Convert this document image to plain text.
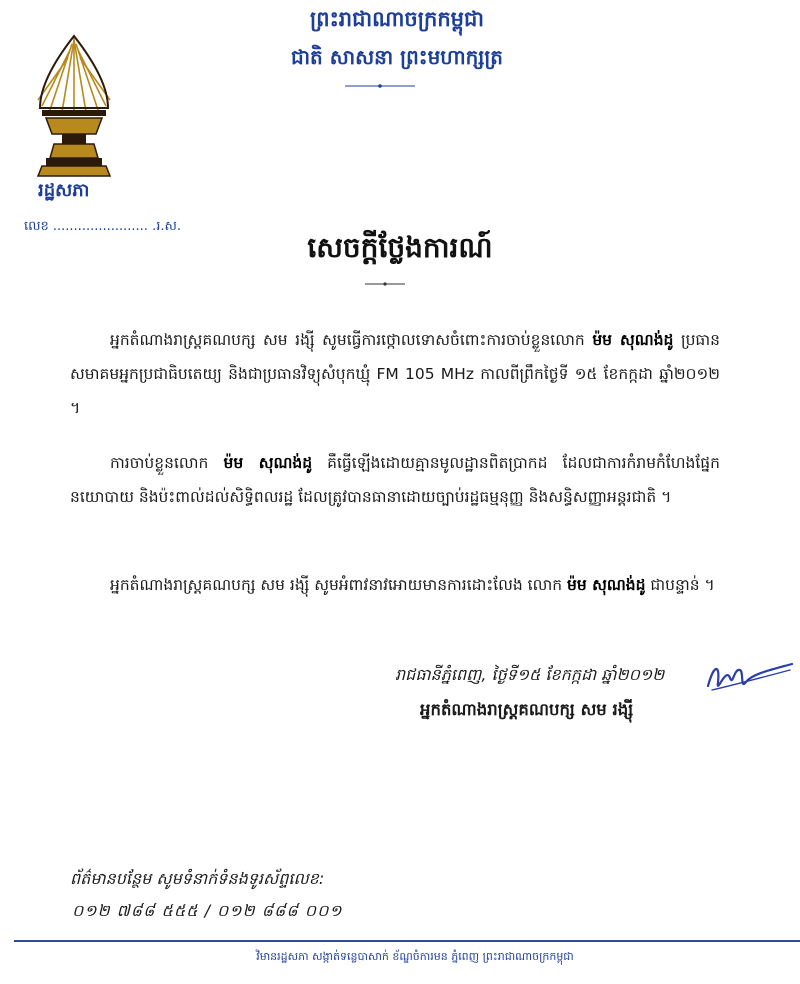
ព្រះរាជាណាចក្រកម្ពុជា
ជាតិ សាសនា ព្រះមហាក្សត្រ
រដ្ឋសភា
លេខ ....................... .រ.ស.
សេចក្តីថ្លែងការណ៍
អ្នកតំណាងរាស្ត្រគណបក្ស សម រង្ស៊ី សូមធ្វើការថ្កោលទោសចំពោះការចាប់ខ្លួនលោក ម៉ម សុណង់ដូ ប្រធានសមាគមអ្នកប្រជាធិបតេយ្យ និងជាប្រធានវិទ្យុសំបុកឃ្មុំ FM 105 MHz កាលពីព្រឹកថ្ងៃទី ១៥ ខែកក្កដា ឆ្នាំ២០១២ ។
ការចាប់ខ្លួនលោក ម៉ម សុណង់ដូ គឺធ្វើឡើងដោយគ្មានមូលដ្ឋានពិតប្រាកដ ដែលជាការកំរាមកំហែងផ្នែកនយោបាយ និងប៉ះពាល់ដល់សិទ្ធិពលរដ្ឋ ដែលត្រូវបានធានាដោយច្បាប់រដ្ឋធម្មនុញ្ញ និងសន្ធិសញ្ញាអន្តរជាតិ ។
អ្នកតំណាងរាស្ត្រគណបក្ស សម រង្ស៊ី សូមអំពាវនាវអោយមានការដោះលែង លោក ម៉ម សុណង់ដូ ជាបន្ទាន់ ។
រាជធានីភ្នំពេញ, ថ្ងៃទី១៥ ខែកក្កដា ឆ្នាំ២០១២
អ្នកតំណាងរាស្ត្រគណបក្ស សម រង្ស៊ី
ព័ត៌មានបន្ថែម សូមទំនាក់ទំនងទូរស័ព្ទលេខ:
០១២ ៧៨៨ ៥៥៥ / ០១២ ៨៨៨ ០០១
វិមានរដ្ឋសភា សង្កាត់ទន្លេបាសាក់ ខ័ណ្ឌចំការមន ភ្នំពេញ ព្រះរាជាណាចក្រកម្ពុជា
